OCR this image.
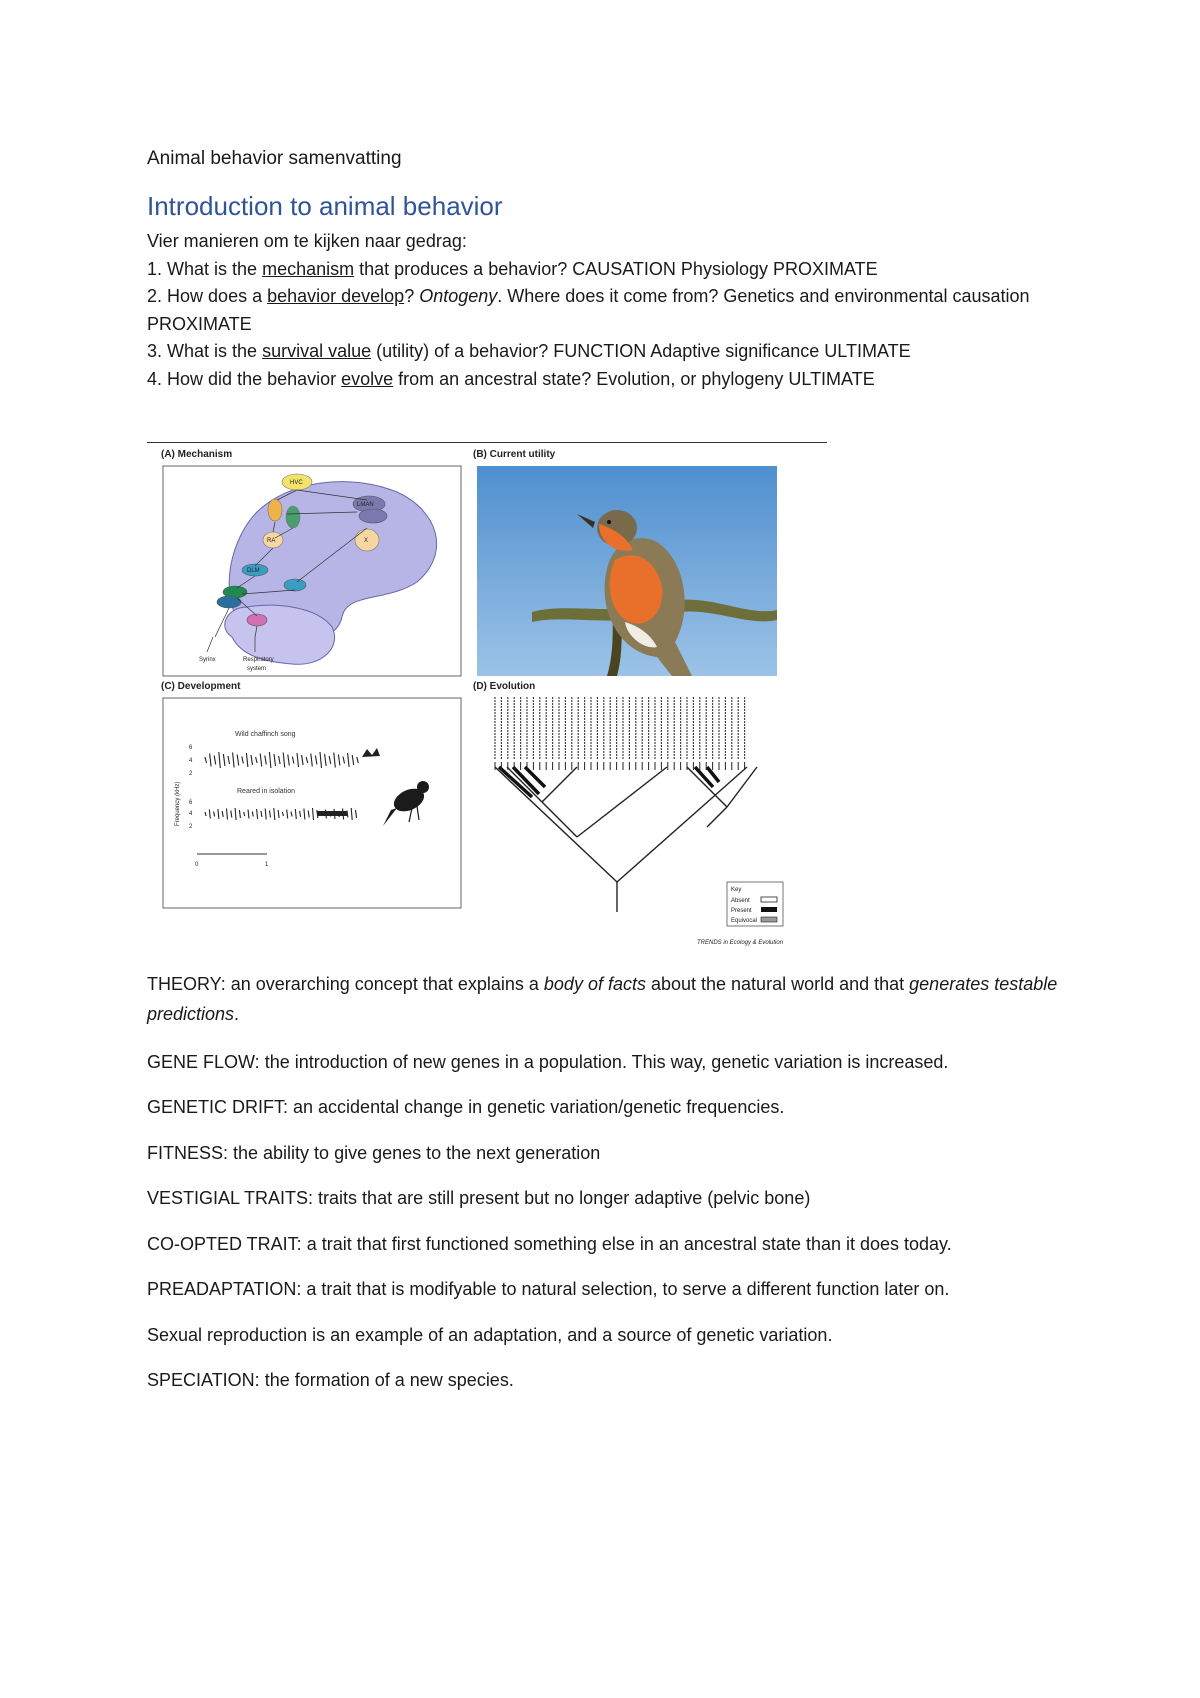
Animal behavior samenvatting
Introduction to animal behavior

Vier manieren om te kijken naar gedrag:

1. What is the mechanism that produces a behavior? CAUSATION Physiology PROXIMATE

2. How does a behavior develop? Ontogeny. Where does it come from? Genetics and environmental causation PROXIMATE

3. What is the survival value (utility) of a behavior? FUNCTION Adaptive significance ULTIMATE

4. How did the behavior evolve from an ancestral state? Evolution, or phylogeny ULTIMATE

(A) Mechanism
HVC
RA
LMAN
X
DLM
Syrinx	Respiratory
system
(B) Current utility
(C) Development
Wild chaffinch song
Reared in isolation
Frequency (kHz)
6
4
2
6
4
2
0	1
(D) Evolution
Key
Absent
Present
Equivocal
TRENDS in Ecology & Evolution

THEORY: an overarching concept that explains a body of facts about the natural world and that generates testable predictions.

GENE FLOW: the introduction of new genes in a population. This way, genetic variation is increased.

GENETIC DRIFT: an accidental change in genetic variation/genetic frequencies.

FITNESS: the ability to give genes to the next generation

VESTIGIAL TRAITS: traits that are still present but no longer adaptive (pelvic bone)

CO-OPTED TRAIT: a trait that first functioned something else in an ancestral state than it does today.

PREADAPTATION: a trait that is modifyable to natural selection, to serve a different function later on.

Sexual reproduction is an example of an adaptation, and a source of genetic variation.

SPECIATION: the formation of a new species.
